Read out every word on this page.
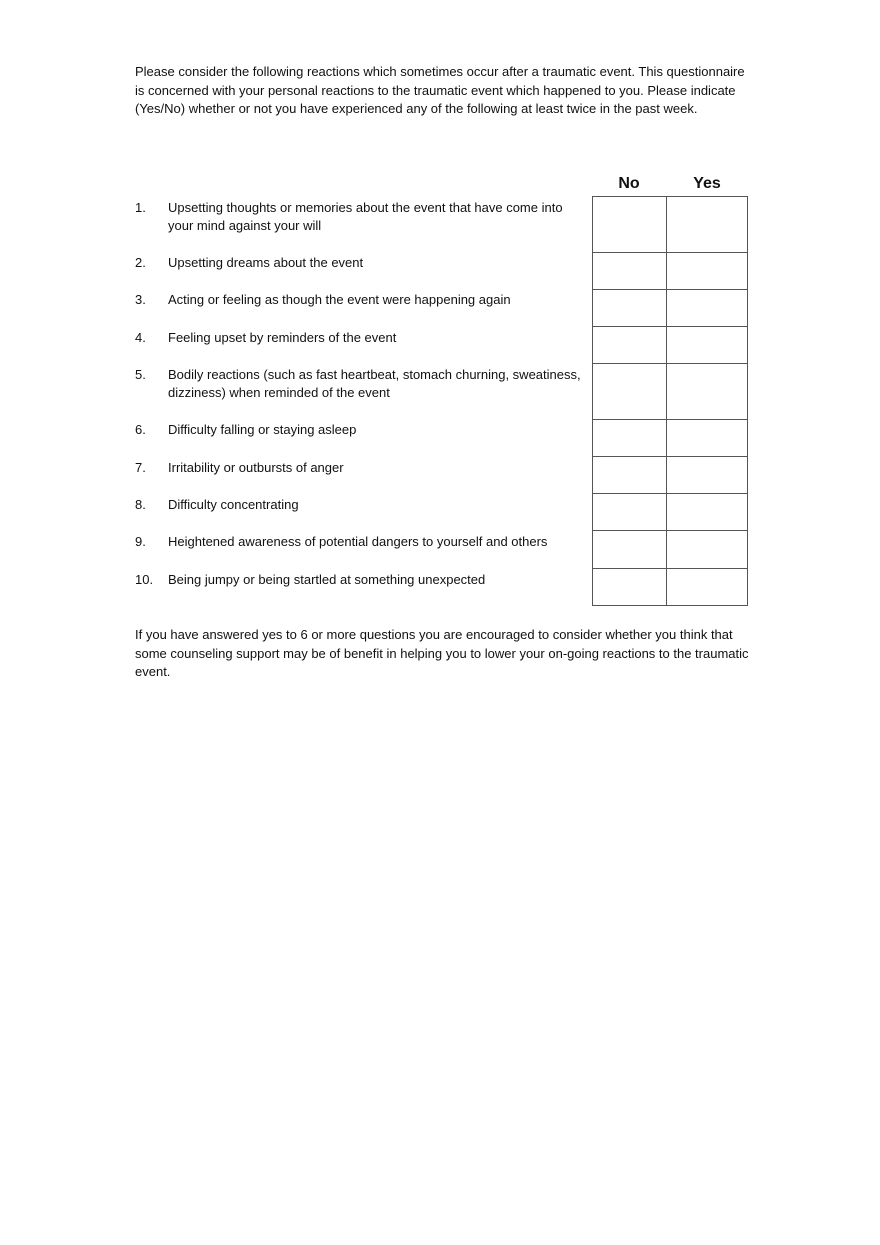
Please consider the following reactions which sometimes occur after a traumatic event. This questionnaire is concerned with your personal reactions to the traumatic event which happened to you. Please indicate (Yes/No) whether or not you have experienced any of the following at least twice in the past week.

No	Yes
1.	Upsetting thoughts or memories about the event that have come into your mind against your will
2.	Upsetting dreams about the event
3.	Acting or feeling as though the event were happening again
4.	Feeling upset by reminders of the event
5.	Bodily reactions (such as fast heartbeat, stomach churning, sweatiness, dizziness) when reminded of the event
6.	Difficulty falling or staying asleep
7.	Irritability or outbursts of anger
8.	Difficulty concentrating
9.	Heightened awareness of potential dangers to yourself and others
10.	Being jumpy or being startled at something unexpected

If you have answered yes to 6 or more questions you are encouraged to consider whether you think that some counseling support may be of benefit in helping you to lower your on-going reactions to the traumatic event.
